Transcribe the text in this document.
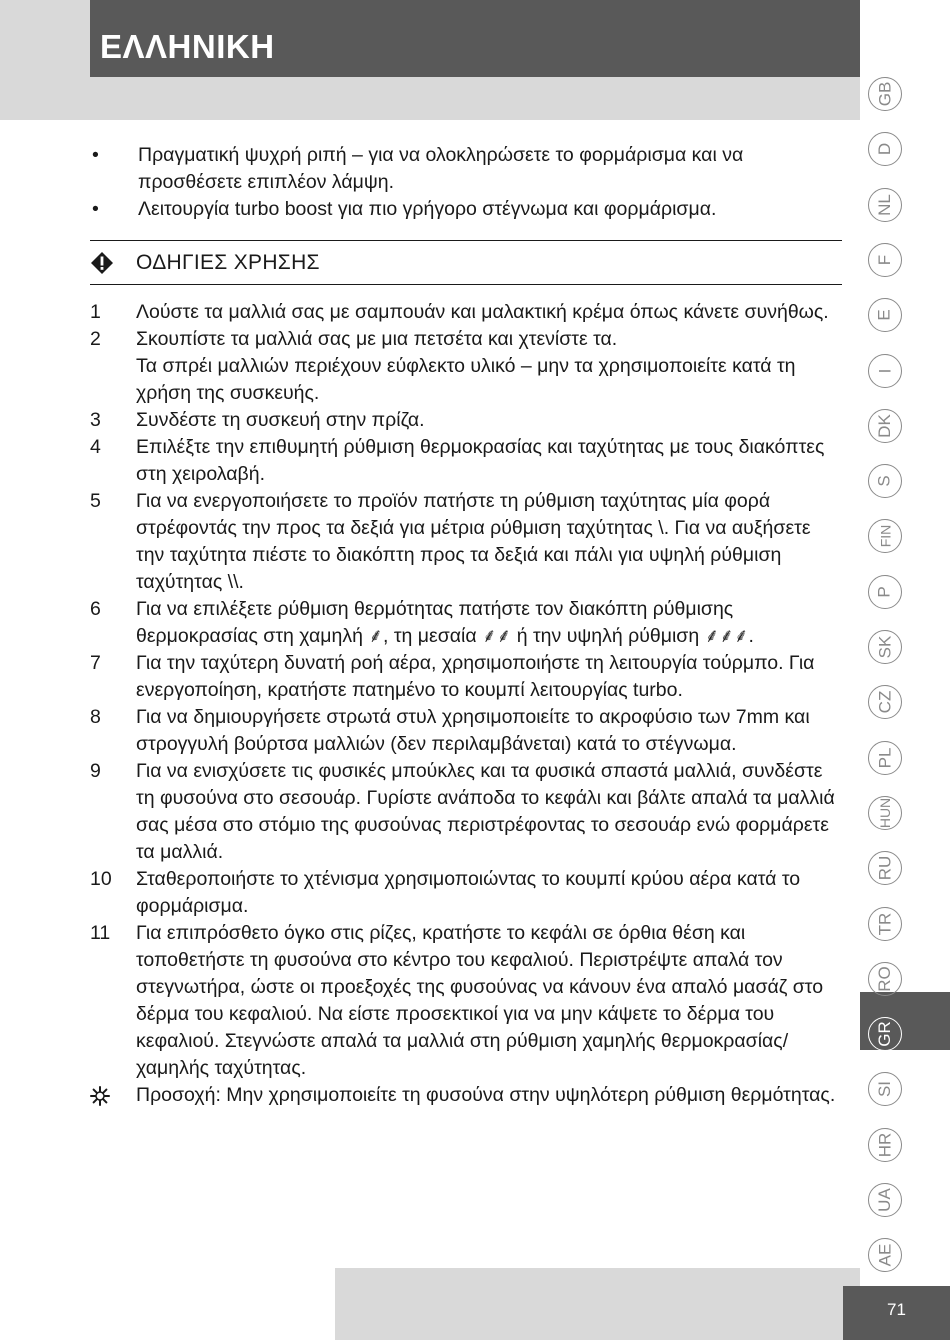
ΕΛΛΗΝΙΚΗ
GB
D
NL
F
E
I
DK
S
FIN
P
SK
CZ
PL
HUN
RU
TR
RO
GR
SI
HR
UA
AE
71
•	Πραγματική ψυχρή ριπή – για να ολοκληρώσετε το φορμάρισμα και να προσθέσετε επιπλέον λάμψη.
•	Λειτουργία turbo boost για πιο γρήγορο στέγνωμα και φορμάρισμα.
ΟΔΗΓΙΕΣ ΧΡΗΣΗΣ
1	Λούστε τα μαλλιά σας με σαμπουάν και μαλακτική κρέμα όπως κάνετε συνήθως.
2	Σκουπίστε τα μαλλιά σας με μια πετσέτα και χτενίστε τα.
Τα σπρέι μαλλιών περιέχουν εύφλεκτο υλικό – μην τα χρησιμοποιείτε κατά τη χρήση της συσκευής.
3	Συνδέστε τη συσκευή στην πρίζα.
4	Επιλέξτε την επιθυμητή ρύθμιση θερμοκρασίας και ταχύτητας με τους διακόπτες στη χειρολαβή.
5	Για να ενεργοποιήσετε το προϊόν πατήστε τη ρύθμιση ταχύτητας μία φορά στρέφοντάς την προς τα δεξιά για μέτρια ρύθμιση ταχύτητας \. Για να αυξήσετε την ταχύτητα πιέστε το διακόπτη προς τα δεξιά και πάλι για υψηλή ρύθμιση ταχύτητας \\.
6	Για να επιλέξετε ρύθμιση θερμότητας πατήστε τον διακόπτη ρύθμισης θερμοκρασίας στη χαμηλή ⸙, τη μεσαία ⸙⸙ ή την υψηλή ρύθμιση ⸙⸙⸙.
7	Για την ταχύτερη δυνατή ροή αέρα, χρησιμοποιήστε τη λειτουργία τούρμπο. Για ενεργοποίηση, κρατήστε πατημένο το κουμπί λειτουργίας turbo.
8	Για να δημιουργήσετε στρωτά στυλ χρησιμοποιείτε το ακροφύσιο των 7mm και στρογγυλή βούρτσα μαλλιών (δεν περιλαμβάνεται) κατά το στέγνωμα.
9	Για να ενισχύσετε τις φυσικές μπούκλες και τα φυσικά σπαστά μαλλιά, συνδέστε τη φυσούνα στο σεσουάρ. Γυρίστε ανάποδα το κεφάλι και βάλτε απαλά τα μαλλιά σας μέσα στο στόμιο της φυσούνας περιστρέφοντας το σεσουάρ ενώ φορμάρετε τα μαλλιά.
10	Σταθεροποιήστε το χτένισμα χρησιμοποιώντας το κουμπί κρύου αέρα κατά το φορμάρισμα.
11	Για επιπρόσθετο όγκο στις ρίζες, κρατήστε το κεφάλι σε όρθια θέση και τοποθετήστε τη φυσούνα στο κέντρο του κεφαλιού. Περιστρέψτε απαλά τον στεγνωτήρα, ώστε οι προεξοχές της φυσούνας να κάνουν ένα απαλό μασάζ στο δέρμα του κεφαλιού. Να είστε προσεκτικοί για να μην κάψετε το δέρμα του κεφαλιού. Στεγνώστε απαλά τα μαλλιά στη ρύθμιση χαμηλής θερμοκρασίας/χαμηλής ταχύτητας.
Προσοχή: Μην χρησιμοποιείτε τη φυσούνα στην υψηλότερη ρύθμιση θερμότητας.
